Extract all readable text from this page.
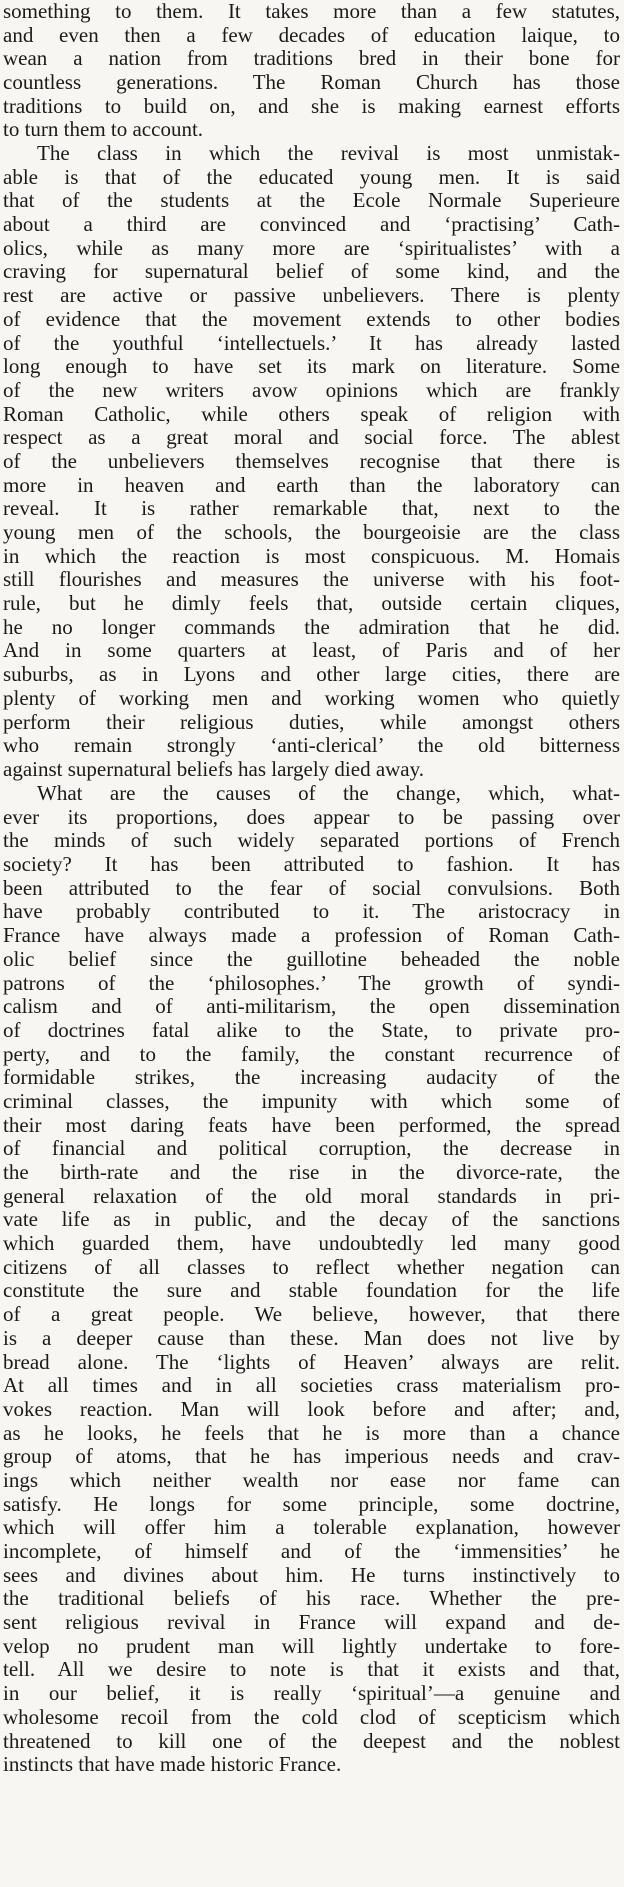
something to them. It takes more than a few statutes,
and even then a few decades of education laique, to
wean a nation from traditions bred in their bone for
countless generations. The Roman Church has those
traditions to build on, and she is making earnest efforts
to turn them to account.
The class in which the revival is most unmistak-
able is that of the educated young men. It is said
that of the students at the Ecole Normale Superieure
about a third are convinced and ‘practising’ Cath-
olics, while as many more are ‘spiritualistes’ with a
craving for supernatural belief of some kind, and the
rest are active or passive unbelievers. There is plenty
of evidence that the movement extends to other bodies
of the youthful ‘intellectuels.’ It has already lasted
long enough to have set its mark on literature. Some
of the new writers avow opinions which are frankly
Roman Catholic, while others speak of religion with
respect as a great moral and social force. The ablest
of the unbelievers themselves recognise that there is
more in heaven and earth than the laboratory can
reveal. It is rather remarkable that, next to the
young men of the schools, the bourgeoisie are the class
in which the reaction is most conspicuous. M. Homais
still flourishes and measures the universe with his foot-
rule, but he dimly feels that, outside certain cliques,
he no longer commands the admiration that he did.
And in some quarters at least, of Paris and of her
suburbs, as in Lyons and other large cities, there are
plenty of working men and working women who quietly
perform their religious duties, while amongst others
who remain strongly ‘anti-clerical’ the old bitterness
against supernatural beliefs has largely died away.
What are the causes of the change, which, what-
ever its proportions, does appear to be passing over
the minds of such widely separated portions of French
society? It has been attributed to fashion. It has
been attributed to the fear of social convulsions. Both
have probably contributed to it. The aristocracy in
France have always made a profession of Roman Cath-
olic belief since the guillotine beheaded the noble
patrons of the ‘philosophes.’ The growth of syndi-
calism and of anti-militarism, the open dissemination
of doctrines fatal alike to the State, to private pro-
perty, and to the family, the constant recurrence of
formidable strikes, the increasing audacity of the
criminal classes, the impunity with which some of
their most daring feats have been performed, the spread
of financial and political corruption, the decrease in
the birth-rate and the rise in the divorce-rate, the
general relaxation of the old moral standards in pri-
vate life as in public, and the decay of the sanctions
which guarded them, have undoubtedly led many good
citizens of all classes to reflect whether negation can
constitute the sure and stable foundation for the life
of a great people. We believe, however, that there
is a deeper cause than these. Man does not live by
bread alone. The ‘lights of Heaven’ always are relit.
At all times and in all societies crass materialism pro-
vokes reaction. Man will look before and after; and,
as he looks, he feels that he is more than a chance
group of atoms, that he has imperious needs and crav-
ings which neither wealth nor ease nor fame can
satisfy. He longs for some principle, some doctrine,
which will offer him a tolerable explanation, however
incomplete, of himself and of the ‘immensities’ he
sees and divines about him. He turns instinctively to
the traditional beliefs of his race. Whether the pre-
sent religious revival in France will expand and de-
velop no prudent man will lightly undertake to fore-
tell. All we desire to note is that it exists and that,
in our belief, it is really ‘spiritual’—a genuine and
wholesome recoil from the cold clod of scepticism which
threatened to kill one of the deepest and the noblest
instincts that have made historic France.
